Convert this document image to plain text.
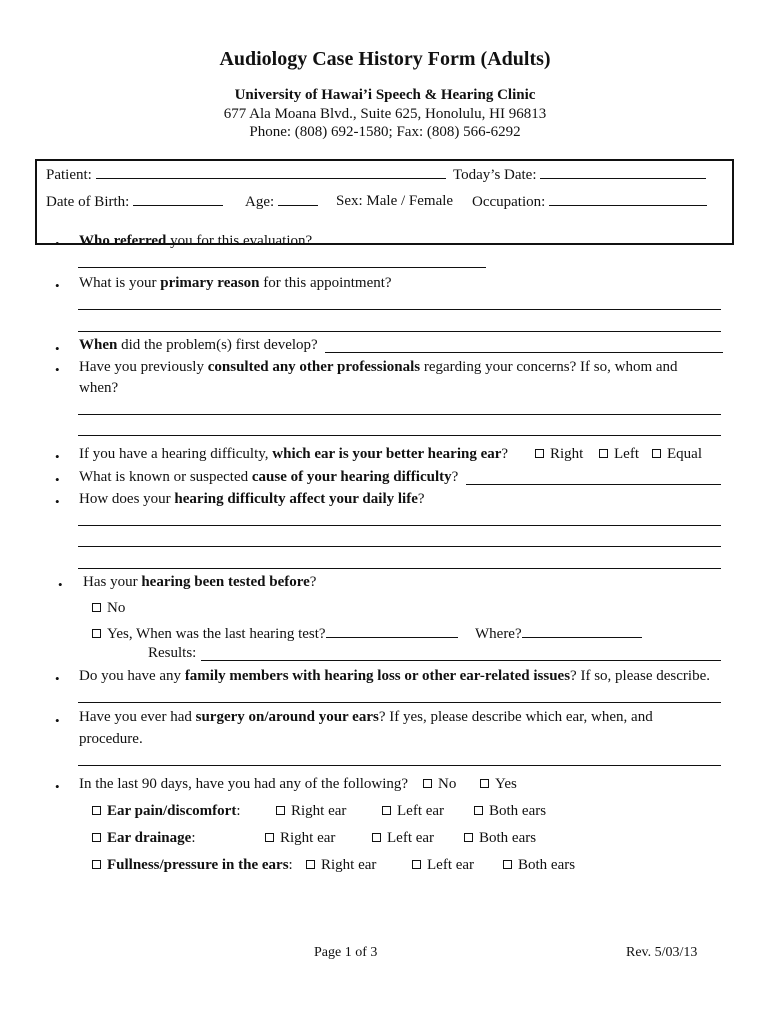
Audiology Case History Form (Adults)
University of Hawai’i Speech & Hearing Clinic
677 Ala Moana Blvd., Suite 625, Honolulu, HI 96813
Phone: (808) 692-1580; Fax: (808) 566-6292
Patient:	Today’s Date:
Date of Birth:	Age:	Sex: Male / Female Occupation:
• Who referred you for this evaluation?
• What is your primary reason for this appointment?
• When did the problem(s) first develop?
• Have you previously consulted any other professionals regarding your concerns? If so, whom and
when?
• If you have a hearing difficulty, which ear is your better hearing ear?	Right	Left	Equal
• What is known or suspected cause of your hearing difficulty?
• How does your hearing difficulty affect your daily life?
• Has your hearing been tested before?
No
Yes, When was the last hearing test?	Where?
Results:
• Do you have any family members with hearing loss or other ear-related issues? If so, please describe.
• Have you ever had surgery on/around your ears? If yes, please describe which ear, when, and
procedure.
• In the last 90 days, have you had any of the following?	No	Yes
Ear pain/discomfort:	Right ear	Left ear	Both ears
Ear drainage:	Right ear	Left ear	Both ears
Fullness/pressure in the ears:	Right ear	Left ear	Both ears
Page 1 of 3	Rev. 5/03/13
